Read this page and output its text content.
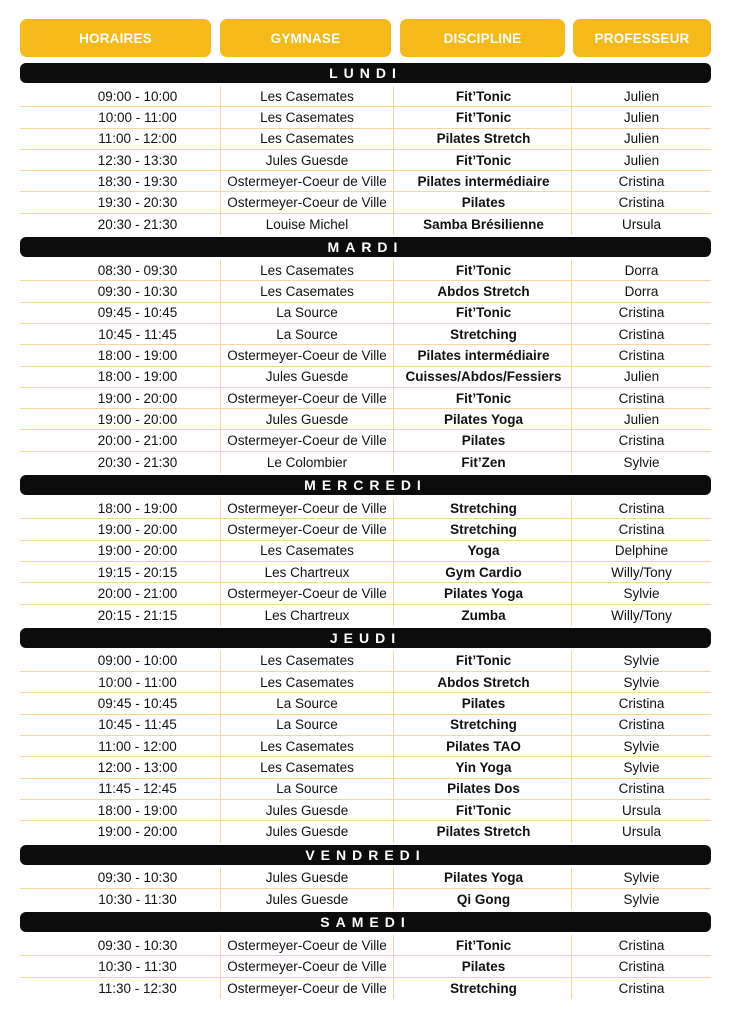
HORAIRES	GYMNASE	DISCIPLINE	PROFESSEUR
LUNDI
09:00 - 10:00	Les Casemates	Fit’Tonic	Julien
10:00 - 11:00	Les Casemates	Fit’Tonic	Julien
11:00 - 12:00	Les Casemates	Pilates Stretch	Julien
12:30 - 13:30	Jules Guesde	Fit’Tonic	Julien
18:30 - 19:30	Ostermeyer-Coeur de Ville	Pilates intermédiaire	Cristina
19:30 - 20:30	Ostermeyer-Coeur de Ville	Pilates	Cristina
20:30 - 21:30	Louise Michel	Samba Brésilienne	Ursula
MARDI
08:30 - 09:30	Les Casemates	Fit’Tonic	Dorra
09:30 - 10:30	Les Casemates	Abdos Stretch	Dorra
09:45 - 10:45	La Source	Fit’Tonic	Cristina
10:45 - 11:45	La Source	Stretching	Cristina
18:00 - 19:00	Ostermeyer-Coeur de Ville	Pilates intermédiaire	Cristina
18:00 - 19:00	Jules Guesde	Cuisses/Abdos/Fessiers	Julien
19:00 - 20:00	Ostermeyer-Coeur de Ville	Fit’Tonic	Cristina
19:00 - 20:00	Jules Guesde	Pilates Yoga	Julien
20:00 - 21:00	Ostermeyer-Coeur de Ville	Pilates	Cristina
20:30 - 21:30	Le Colombier	Fit’Zen	Sylvie
MERCREDI
18:00 - 19:00	Ostermeyer-Coeur de Ville	Stretching	Cristina
19:00 - 20:00	Ostermeyer-Coeur de Ville	Stretching	Cristina
19:00 - 20:00	Les Casemates	Yoga	Delphine
19:15 - 20:15	Les Chartreux	Gym Cardio	Willy/Tony
20:00 - 21:00	Ostermeyer-Coeur de Ville	Pilates Yoga	Sylvie
20:15 - 21:15	Les Chartreux	Zumba	Willy/Tony
JEUDI
09:00 - 10:00	Les Casemates	Fit’Tonic	Sylvie
10:00 - 11:00	Les Casemates	Abdos Stretch	Sylvie
09:45 - 10:45	La Source	Pilates	Cristina
10:45 - 11:45	La Source	Stretching	Cristina
11:00 - 12:00	Les Casemates	Pilates TAO	Sylvie
12:00 - 13:00	Les Casemates	Yin Yoga	Sylvie
11:45 - 12:45	La Source	Pilates Dos	Cristina
18:00 - 19:00	Jules Guesde	Fit’Tonic	Ursula
19:00 - 20:00	Jules Guesde	Pilates Stretch	Ursula
VENDREDI
09:30 - 10:30	Jules Guesde	Pilates Yoga	Sylvie
10:30 - 11:30	Jules Guesde	Qi Gong	Sylvie
SAMEDI
09:30 - 10:30	Ostermeyer-Coeur de Ville	Fit’Tonic	Cristina
10:30 - 11:30	Ostermeyer-Coeur de Ville	Pilates	Cristina
11:30 - 12:30	Ostermeyer-Coeur de Ville	Stretching	Cristina
